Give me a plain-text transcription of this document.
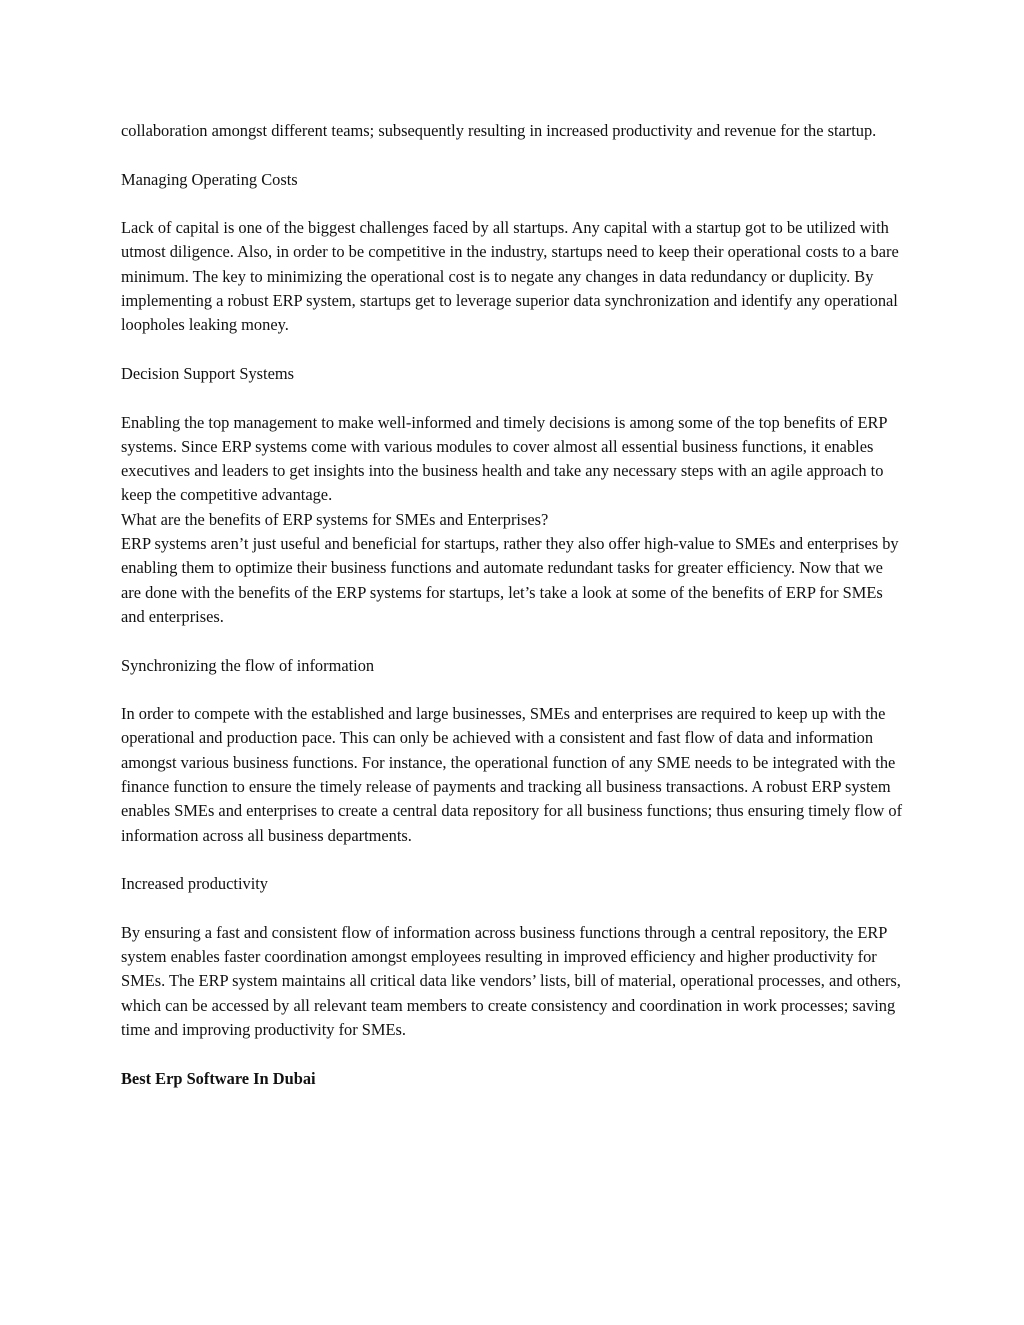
collaboration amongst different teams; subsequently resulting in increased productivity and revenue for the startup.

Managing Operating Costs

Lack of capital is one of the biggest challenges faced by all startups. Any capital with a startup got to be utilized with utmost diligence. Also, in order to be competitive in the industry, startups need to keep their operational costs to a bare minimum. The key to minimizing the operational cost is to negate any changes in data redundancy or duplicity. By implementing a robust ERP system, startups get to leverage superior data synchronization and identify any operational loopholes leaking money.

Decision Support Systems

Enabling the top management to make well-informed and timely decisions is among some of the top benefits of ERP systems. Since ERP systems come with various modules to cover almost all essential business functions, it enables executives and leaders to get insights into the business health and take any necessary steps with an agile approach to keep the competitive advantage.

What are the benefits of ERP systems for SMEs and Enterprises?

ERP systems aren’t just useful and beneficial for startups, rather they also offer high-value to SMEs and enterprises by enabling them to optimize their business functions and automate redundant tasks for greater efficiency. Now that we are done with the benefits of the ERP systems for startups, let’s take a look at some of the benefits of ERP for SMEs and enterprises.

Synchronizing the flow of information

In order to compete with the established and large businesses, SMEs and enterprises are required to keep up with the operational and production pace. This can only be achieved with a consistent and fast flow of data and information amongst various business functions. For instance, the operational function of any SME needs to be integrated with the finance function to ensure the timely release of payments and tracking all business transactions. A robust ERP system enables SMEs and enterprises to create a central data repository for all business functions; thus ensuring timely flow of information across all business departments.

Increased productivity

By ensuring a fast and consistent flow of information across business functions through a central repository, the ERP system enables faster coordination amongst employees resulting in improved efficiency and higher productivity for SMEs. The ERP system maintains all critical data like vendors’ lists, bill of material, operational processes, and others, which can be accessed by all relevant team members to create consistency and coordination in work processes; saving time and improving productivity for SMEs.

Best Erp Software In Dubai
